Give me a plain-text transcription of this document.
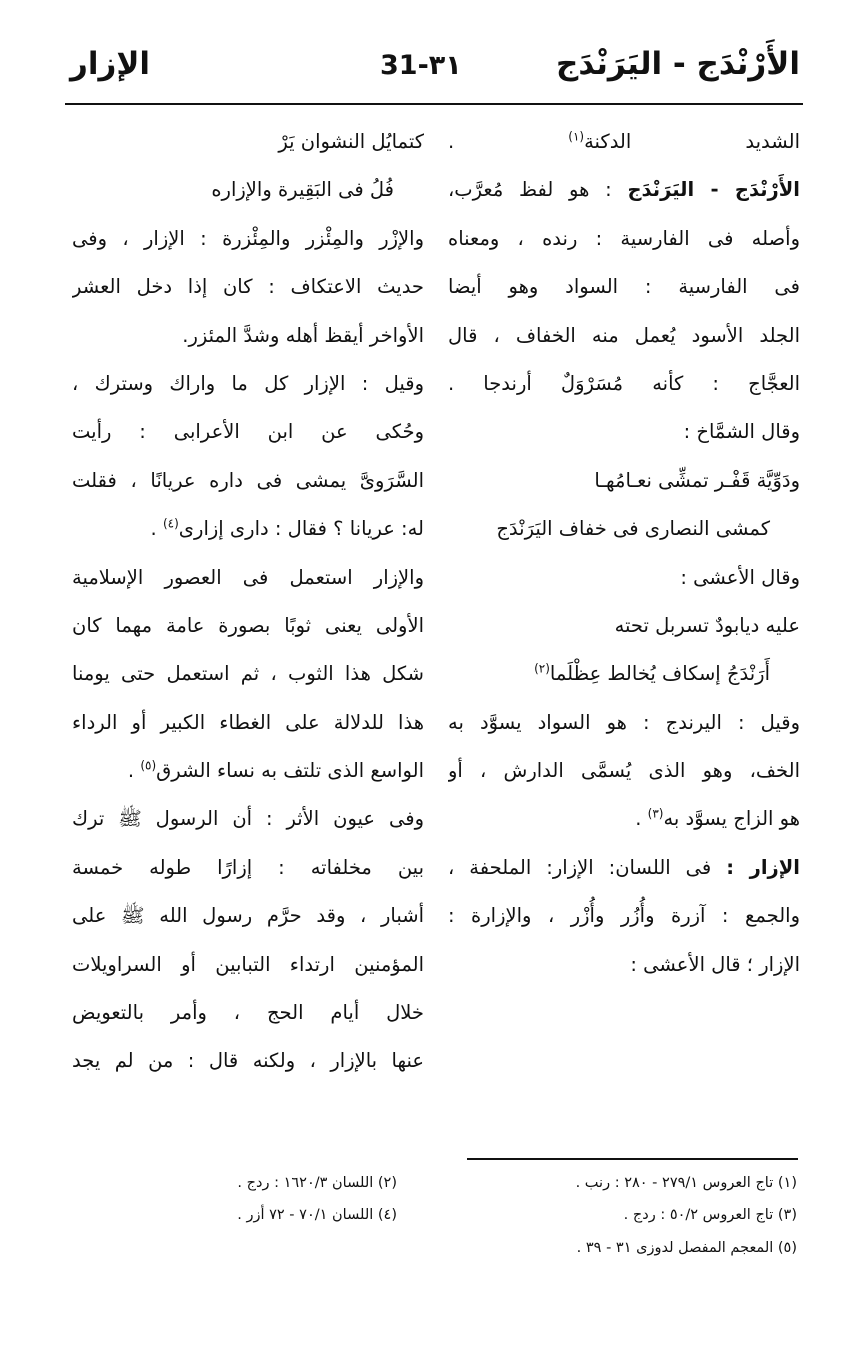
الأَرْنْدَج - اليَرَنْدَج
31-٣١
الإزار

الشديد الدكنة$^{(١)}$ .

الأَرْنْدَج - اليَرَنْدَج : هو لفظ مُعرَّب،

وأصله فى الفارسية : رنده ، ومعناه

فى الفارسية : السواد وهو أيضا

الجلد الأسود يُعمل منه الخفاف ، قال

العجَّاج : كأنه مُسَرْوَلٌ أرندجا .

وقال الشمَّاخ :

ودَوِّيَّة قَفْـر تمشِّى نعـامُهـا

كمشى النصارى فى خفاف اليَرَنْدَج

وقال الأعشى :

عليه ديابودٌ تسربل تحته

أَرَنْدَجُ إسكاف يُخالط عِظْلَما$^{(٢)}$

وقيل : اليرندج : هو السواد يسوَّد به

الخف، وهو الذى يُسمَّى الدارش ، أو

هو الزاج يسوَّد به$^{(٣)}$ .

الإزار : فى اللسان: الإزار: الملحفة ،

والجمع : آزرة وأُزُر وأُزْر ، والإزارة :

الإزار ؛ قال الأعشى :

كتمايُل النشوان يَرْ

فُلُ فى البَقِيرة والإزاره

والإزْر والمِئْزر والمِئْزرة : الإزار ، وفى

حديث الاعتكاف : كان إذا دخل العشر

الأواخر أيقظ أهله وشدَّ المئزر.

وقيل : الإزار كل ما واراك وسترك ،

وحُكى عن ابن الأعرابى : رأيت

السَّرَوىَّ يمشى فى داره عريانًا ، فقلت

له: عريانا ؟ فقال : دارى إزارى$^{(٤)}$ .

والإزار استعمل فى العصور الإسلامية

الأولى يعنى ثوبًا بصورة عامة مهما كان

شكل هذا الثوب ، ثم استعمل حتى يومنا

هذا للدلالة على الغطاء الكبير أو الرداء

الواسع الذى تلتف به نساء الشرق$^{(٥)}$ .

وفى عيون الأثر : أن الرسول ﷺ ترك

بين مخلفاته : إزارًا طوله خمسة

أشبار ، وقد حرَّم رسول الله ﷺ على

المؤمنين ارتداء التبابين أو السراويلات

خلال أيام الحج ، وأمر بالتعويض

عنها بالإزار ، ولكنه قال : من لم يجد

(١) تاج العروس ٢٧٩/١ - ٢٨٠ : رنب .
(٢) اللسان ١٦٢٠/٣ : ردج .
(٣) تاج العروس ٥٠/٢ : ردج .
(٤) اللسان ٧٠/١ - ٧٢ أزر .
(٥) المعجم المفصل لدوزى ٣١ - ٣٩ .
